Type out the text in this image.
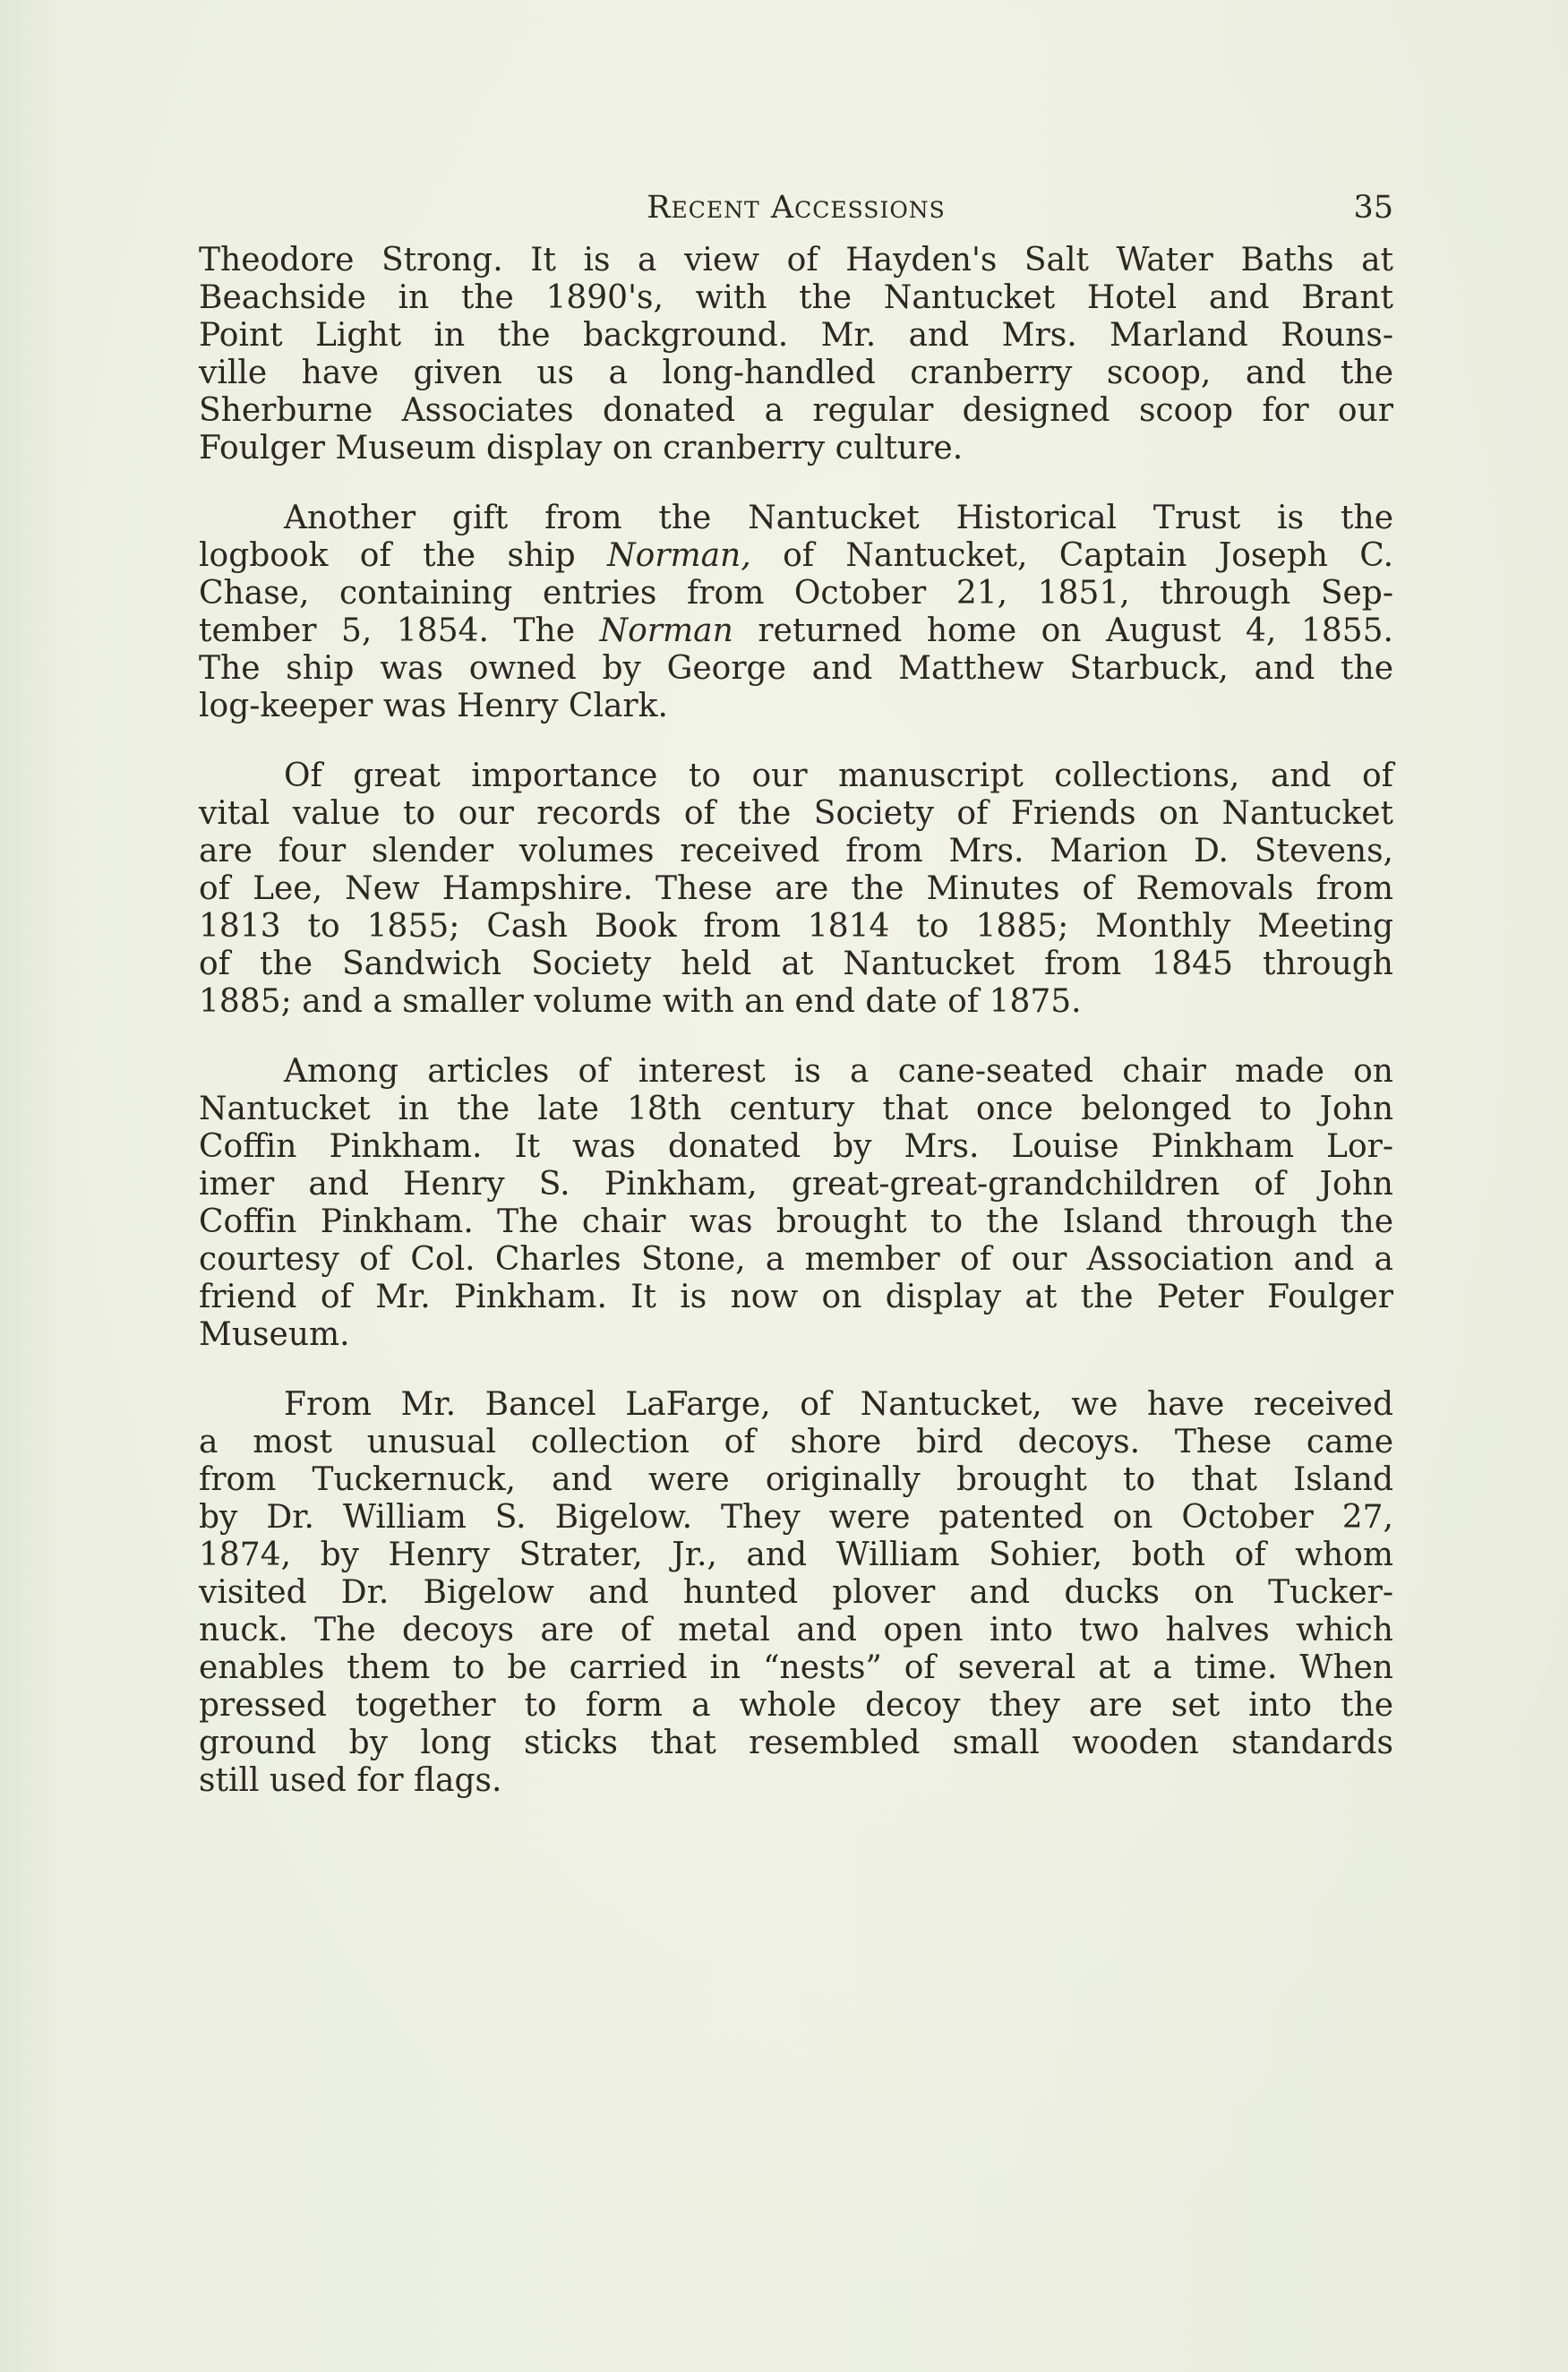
Recent Accessions	35

Theodore Strong. It is a view of Hayden's Salt Water Baths at
Beachside in the 1890's, with the Nantucket Hotel and Brant
Point Light in the background. Mr. and Mrs. Marland Rouns-
ville have given us a long-handled cranberry scoop, and the
Sherburne Associates donated a regular designed scoop for our
Foulger Museum display on cranberry culture.

Another gift from the Nantucket Historical Trust is the
logbook of the ship Norman, of Nantucket, Captain Joseph C.
Chase, containing entries from October 21, 1851, through Sep-
tember 5, 1854. The Norman returned home on August 4, 1855.
The ship was owned by George and Matthew Starbuck, and the
log-keeper was Henry Clark.

Of great importance to our manuscript collections, and of
vital value to our records of the Society of Friends on Nantucket
are four slender volumes received from Mrs. Marion D. Stevens,
of Lee, New Hampshire. These are the Minutes of Removals from
1813 to 1855; Cash Book from 1814 to 1885; Monthly Meeting
of the Sandwich Society held at Nantucket from 1845 through
1885; and a smaller volume with an end date of 1875.

Among articles of interest is a cane-seated chair made on
Nantucket in the late 18th century that once belonged to John
Coffin Pinkham. It was donated by Mrs. Louise Pinkham Lor-
imer and Henry S. Pinkham, great-great-grandchildren of John
Coffin Pinkham. The chair was brought to the Island through the
courtesy of Col. Charles Stone, a member of our Association and a
friend of Mr. Pinkham. It is now on display at the Peter Foulger
Museum.

From Mr. Bancel LaFarge, of Nantucket, we have received
a most unusual collection of shore bird decoys. These came
from Tuckernuck, and were originally brought to that Island
by Dr. William S. Bigelow. They were patented on October 27,
1874, by Henry Strater, Jr., and William Sohier, both of whom
visited Dr. Bigelow and hunted plover and ducks on Tucker-
nuck. The decoys are of metal and open into two halves which
enables them to be carried in “nests” of several at a time. When
pressed together to form a whole decoy they are set into the
ground by long sticks that resembled small wooden standards
still used for flags.
